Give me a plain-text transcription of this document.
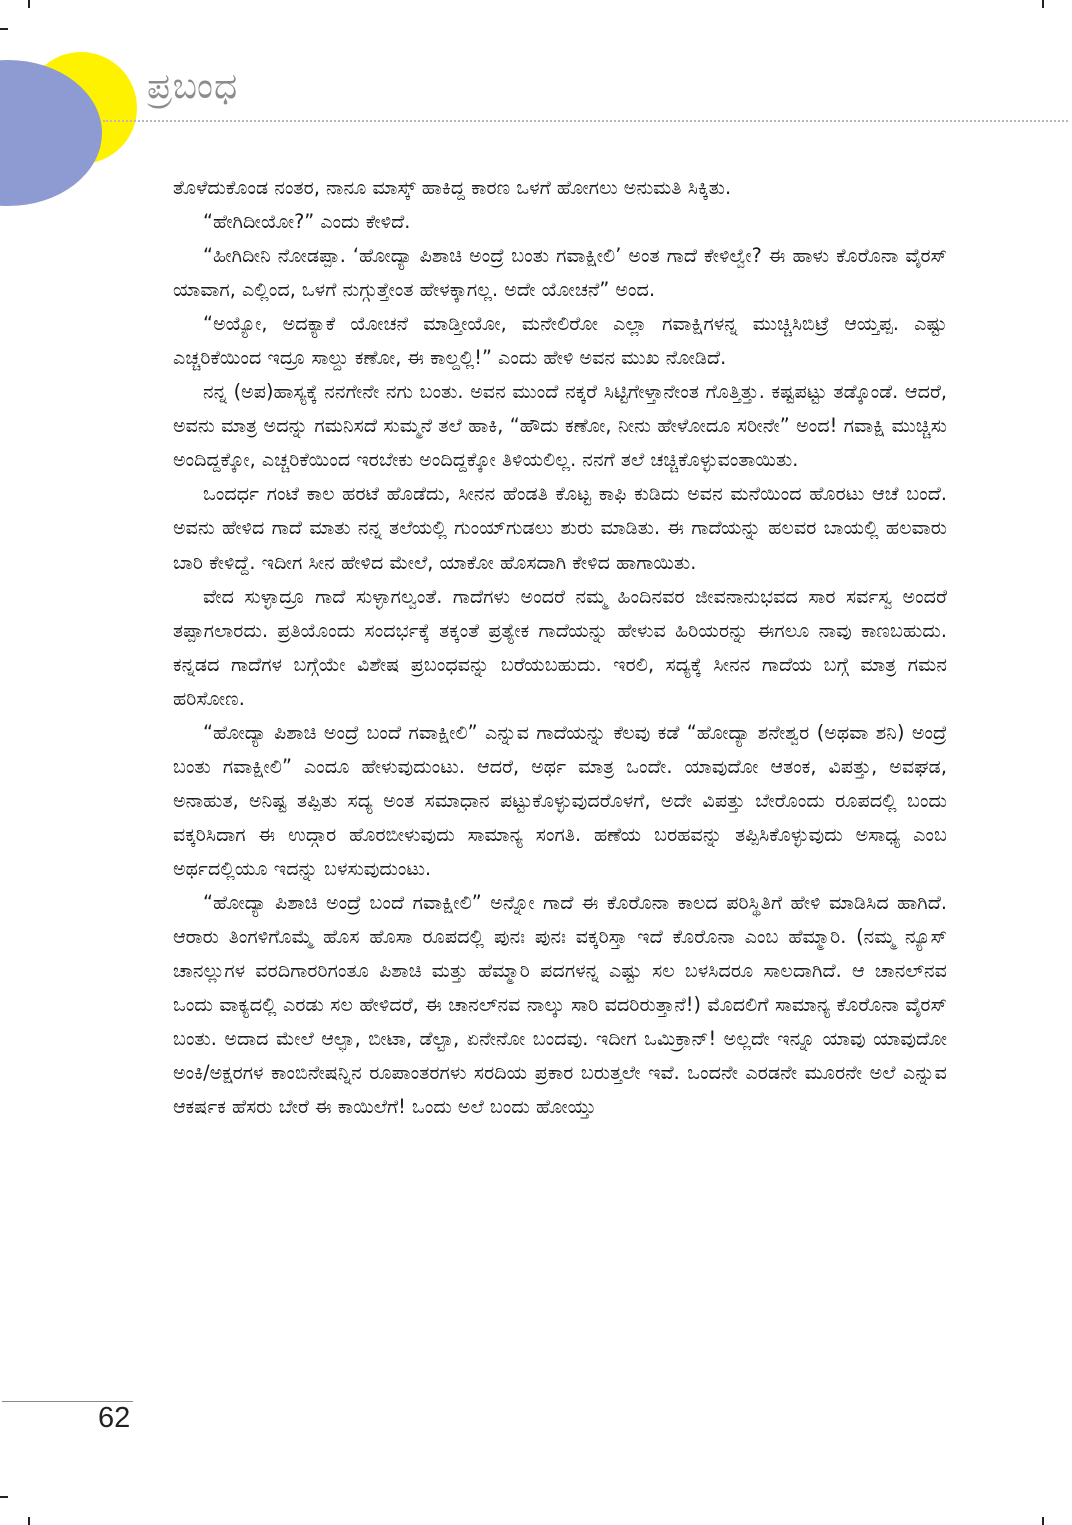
ಪ್ರಬಂಧ

ತೊಳೆದುಕೊಂಡ ನಂತರ, ನಾನೂ ಮಾಸ್ಕ್ ಹಾಕಿದ್ದ ಕಾರಣ ಒಳಗೆ ಹೋಗಲು ಅನುಮತಿ ಸಿಕ್ಕಿತು.

“ಹೇಗಿದೀಯೋ?” ಎಂದು ಕೇಳಿದೆ.

“ಹೀಗಿದೀನಿ ನೋಡಪ್ಪಾ. ‘ಹೋದ್ಯಾ ಪಿಶಾಚಿ ಅಂದ್ರೆ ಬಂತು ಗವಾಕ್ಷೀಲಿ’ ಅಂತ ಗಾದೆ ಕೇಳಿಲ್ವೇ? ಈ ಹಾಳು ಕೊರೊನಾ ವೈರಸ್ ಯಾವಾಗ, ಎಲ್ಲಿಂದ, ಒಳಗೆ ನುಗ್ಗುತ್ತೇಂತ ಹೇಳಕ್ಕಾಗಲ್ಲ. ಅದೇ ಯೋಚನೆ” ಅಂದ.

“ಅಯ್ಯೋ, ಅದಕ್ಯಾಕೆ ಯೋಚನೆ ಮಾಡ್ತೀಯೋ, ಮನೇಲಿರೋ ಎಲ್ಲಾ ಗವಾಕ್ಷಿಗಳನ್ನ ಮುಚ್ಚಿಸಿಬಿಟ್ರೆ ಆಯ್ತಪ್ಪ. ಎಷ್ಟು ಎಚ್ಚರಿಕೆಯಿಂದ ಇದ್ರೂ ಸಾಲ್ದು ಕಣೋ, ಈ ಕಾಲ್ದಲ್ಲಿ!” ಎಂದು ಹೇಳಿ ಅವನ ಮುಖ ನೋಡಿದೆ.

ನನ್ನ (ಅಪ)ಹಾಸ್ಯಕ್ಕೆ ನನಗೇನೇ ನಗು ಬಂತು. ಅವನ ಮುಂದೆ ನಕ್ಕರೆ ಸಿಟ್ಟಿಗೇಳ್ತಾನೇಂತ ಗೊತ್ತಿತ್ತು. ಕಷ್ಟಪಟ್ಟು ತಡ್ಕೊಂಡೆ. ಆದರೆ, ಅವನು ಮಾತ್ರ ಅದನ್ನು ಗಮನಿಸದೆ ಸುಮ್ಮನೆ ತಲೆ ಹಾಕಿ, “ಹೌದು ಕಣೋ, ನೀನು ಹೇಳೋದೂ ಸರೀನೇ” ಅಂದ! ಗವಾಕ್ಷಿ ಮುಚ್ಚಿಸು ಅಂದಿದ್ದಕ್ಕೋ, ಎಚ್ಚರಿಕೆಯಿಂದ ಇರಬೇಕು ಅಂದಿದ್ದಕ್ಕೋ ತಿಳಿಯಲಿಲ್ಲ. ನನಗೆ ತಲೆ ಚಚ್ಚಿಕೊಳ್ಳುವಂತಾಯಿತು.

ಒಂದರ್ಧ ಗಂಟೆ ಕಾಲ ಹರಟೆ ಹೊಡೆದು, ಸೀನನ ಹೆಂಡತಿ ಕೊಟ್ಟ ಕಾಫಿ ಕುಡಿದು ಅವನ ಮನೆಯಿಂದ ಹೊರಟು ಆಚೆ ಬಂದೆ. ಅವನು ಹೇಳಿದ ಗಾದೆ ಮಾತು ನನ್ನ ತಲೆಯಲ್ಲಿ ಗುಂಯ್‌ಗುಡಲು ಶುರು ಮಾಡಿತು. ಈ ಗಾದೆಯನ್ನು ಹಲವರ ಬಾಯಲ್ಲಿ ಹಲವಾರು ಬಾರಿ ಕೇಳಿದ್ದೆ. ಇದೀಗ ಸೀನ ಹೇಳಿದ ಮೇಲೆ, ಯಾಕೋ ಹೊಸದಾಗಿ ಕೇಳಿದ ಹಾಗಾಯಿತು.

ವೇದ ಸುಳ್ಳಾದ್ರೂ ಗಾದೆ ಸುಳ್ಳಾಗಲ್ವಂತೆ. ಗಾದೆಗಳು ಅಂದರೆ ನಮ್ಮ ಹಿಂದಿನವರ ಜೀವನಾನುಭವದ ಸಾರ ಸರ್ವಸ್ವ ಅಂದರೆ ತಪ್ಪಾಗಲಾರದು. ಪ್ರತಿಯೊಂದು ಸಂದರ್ಭಕ್ಕೆ ತಕ್ಕಂತೆ ಪ್ರತ್ಯೇಕ ಗಾದೆಯನ್ನು ಹೇಳುವ ಹಿರಿಯರನ್ನು ಈಗಲೂ ನಾವು ಕಾಣಬಹುದು. ಕನ್ನಡದ ಗಾದೆಗಳ ಬಗ್ಗೆಯೇ ವಿಶೇಷ ಪ್ರಬಂಧವನ್ನು ಬರೆಯಬಹುದು. ಇರಲಿ, ಸದ್ಯಕ್ಕೆ ಸೀನನ ಗಾದೆಯ ಬಗ್ಗೆ ಮಾತ್ರ ಗಮನ ಹರಿಸೋಣ.

“ಹೋದ್ಯಾ ಪಿಶಾಚಿ ಅಂದ್ರೆ ಬಂದೆ ಗವಾಕ್ಷೀಲಿ” ಎನ್ನುವ ಗಾದೆಯನ್ನು ಕೆಲವು ಕಡೆ “ಹೋದ್ಯಾ ಶನೇಶ್ವರ (ಅಥವಾ ಶನಿ) ಅಂದ್ರೆ ಬಂತು ಗವಾಕ್ಷೀಲಿ” ಎಂದೂ ಹೇಳುವುದುಂಟು. ಆದರೆ, ಅರ್ಥ ಮಾತ್ರ ಒಂದೇ. ಯಾವುದೋ ಆತಂಕ, ವಿಪತ್ತು, ಅವಘಡ, ಅನಾಹುತ, ಅನಿಷ್ಟ ತಪ್ಪಿತು ಸದ್ಯ ಅಂತ ಸಮಾಧಾನ ಪಟ್ಟುಕೊಳ್ಳುವುದರೊಳಗೆ, ಅದೇ ವಿಪತ್ತು ಬೇರೊಂದು ರೂಪದಲ್ಲಿ ಬಂದು ವಕ್ಕರಿಸಿದಾಗ ಈ ಉದ್ಗಾರ ಹೊರಬೀಳುವುದು ಸಾಮಾನ್ಯ ಸಂಗತಿ. ಹಣೆಯ ಬರಹವನ್ನು ತಪ್ಪಿಸಿಕೊಳ್ಳುವುದು ಅಸಾಧ್ಯ ಎಂಬ ಅರ್ಥದಲ್ಲಿಯೂ ಇದನ್ನು ಬಳಸುವುದುಂಟು.

“ಹೋದ್ಯಾ ಪಿಶಾಚಿ ಅಂದ್ರೆ ಬಂದೆ ಗವಾಕ್ಷೀಲಿ” ಅನ್ನೋ ಗಾದೆ ಈ ಕೊರೊನಾ ಕಾಲದ ಪರಿಸ್ಥಿತಿಗೆ ಹೇಳಿ ಮಾಡಿಸಿದ ಹಾಗಿದೆ. ಆರಾರು ತಿಂಗಳಿಗೊಮ್ಮೆ ಹೊಸ ಹೊಸಾ ರೂಪದಲ್ಲಿ ಪುನಃ ಪುನಃ ವಕ್ಕರಿಸ್ತಾ ಇದೆ ಕೊರೊನಾ ಎಂಬ ಹೆಮ್ಮಾರಿ. (ನಮ್ಮ ನ್ಯೂಸ್ ಚಾನಲ್ಲುಗಳ ವರದಿಗಾರರಿಗಂತೂ ಪಿಶಾಚಿ ಮತ್ತು ಹೆಮ್ಮಾರಿ ಪದಗಳನ್ನ ಎಷ್ಟು ಸಲ ಬಳಸಿದರೂ ಸಾಲದಾಗಿದೆ. ಆ ಚಾನಲ್‌ನವ ಒಂದು ವಾಕ್ಯದಲ್ಲಿ ಎರಡು ಸಲ ಹೇಳಿದರೆ, ಈ ಚಾನಲ್‌ನವ ನಾಲ್ಕು ಸಾರಿ ವದರಿರುತ್ತಾನೆ!) ಮೊದಲಿಗೆ ಸಾಮಾನ್ಯ ಕೊರೊನಾ ವೈರಸ್ ಬಂತು. ಅದಾದ ಮೇಲೆ ಆಲ್ಫಾ, ಬೀಟಾ, ಡೆಲ್ಟಾ, ಏನೇನೋ ಬಂದವು. ಇದೀಗ ಒಮಿಕ್ರಾನ್! ಅಲ್ಲದೇ ಇನ್ನೂ ಯಾವು ಯಾವುದೋ ಅಂಕಿ/ಅಕ್ಷರಗಳ ಕಾಂಬಿನೇಷನ್ನಿನ ರೂಪಾಂತರಗಳು ಸರದಿಯ ಪ್ರಕಾರ ಬರುತ್ತಲೇ ಇವೆ. ಒಂದನೇ ಎರಡನೇ ಮೂರನೇ ಅಲೆ ಎನ್ನುವ ಆಕರ್ಷಕ ಹೆಸರು ಬೇರೆ ಈ ಕಾಯಿಲೆಗೆ! ಒಂದು ಅಲೆ ಬಂದು ಹೋಯ್ತು

62
